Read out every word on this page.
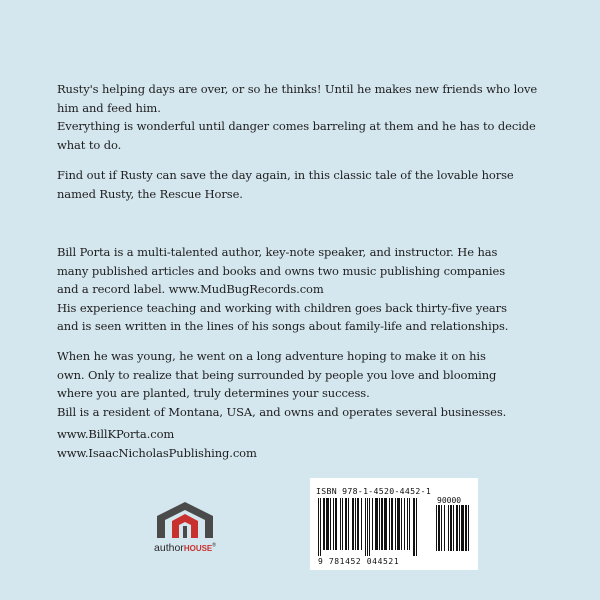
Rusty's helping days are over, or so he thinks! Until he makes new friends who love

him and feed him.

Everything is wonderful until danger comes barreling at them and he has to decide

what to do.

Find out if Rusty can save the day again, in this classic tale of the lovable horse

named Rusty, the Rescue Horse.

Bill Porta is a multi-talented author, key-note speaker, and instructor. He has

many published articles and books and owns two music publishing companies

and a record label. www.MudBugRecords.com

His experience teaching and working with children goes back thirty-five years

and is seen written in the lines of his songs about family-life and relationships.

When he was young, he went on a long adventure hoping to make it on his

own. Only to realize that being surrounded by people you love and blooming

where you are planted, truly determines your success.

Bill is a resident of Montana, USA, and owns and operates several businesses.

www.BillKPorta.com

www.IsaacNicholasPublishing.com

authorHOUSE®
ISBN 978-1-4520-4452-1
90000
9 781452 044521
